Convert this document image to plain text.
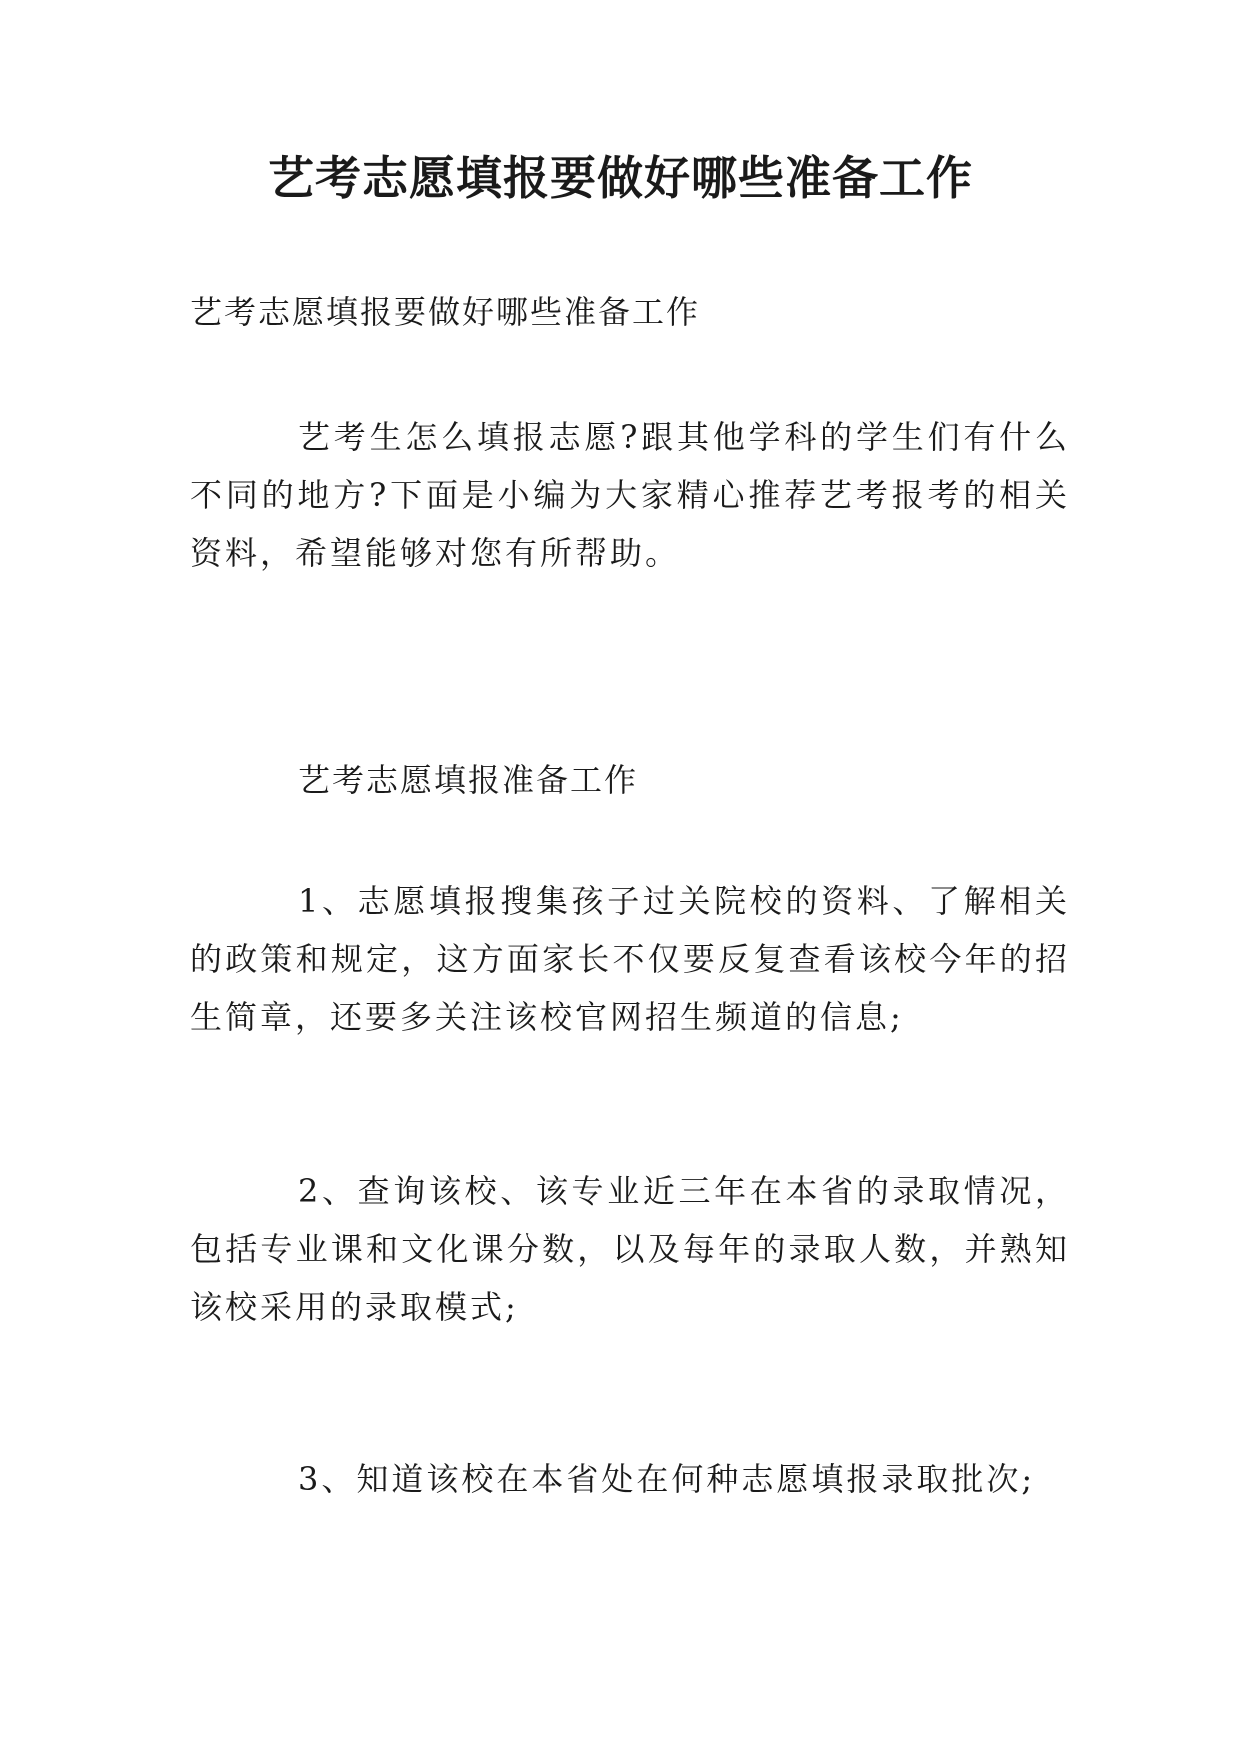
艺考志愿填报要做好哪些准备工作
艺考志愿填报要做好哪些准备工作
艺考生怎么填报志愿?跟其他学科的学生们有什么不同的地方?下面是小编为大家精心推荐艺考报考的相关资料，希望能够对您有所帮助。
艺考志愿填报准备工作
1、志愿填报搜集孩子过关院校的资料、了解相关的政策和规定，这方面家长不仅要反复查看该校今年的招生简章，还要多关注该校官网招生频道的信息;
2、查询该校、该专业近三年在本省的录取情况，包括专业课和文化课分数，以及每年的录取人数，并熟知该校采用的录取模式;
3、知道该校在本省处在何种志愿填报录取批次;
